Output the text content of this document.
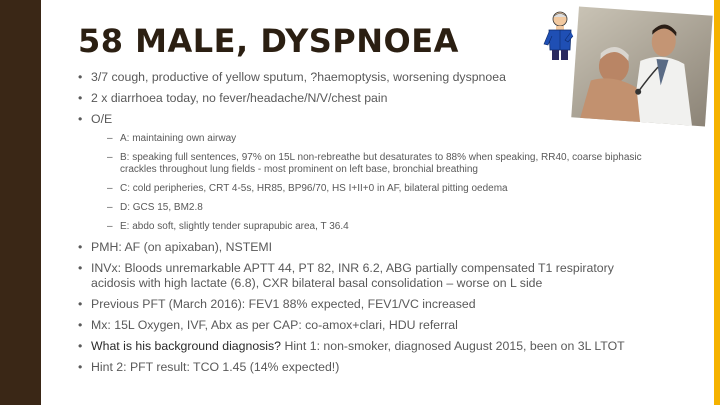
58 MALE, DYSPNOEA
• 3/7 cough, productive of yellow sputum, ?haemoptysis, worsening dyspnoea
• 2 x diarrhoea today, no fever/headache/N/V/chest pain
• O/E
– A: maintaining own airway
– B: speaking full sentences, 97% on 15L non-rebreathe but desaturates to 88% when speaking, RR40, coarse biphasic crackles throughout lung fields - most prominent on left base, bronchial breathing
– C: cold peripheries, CRT 4-5s, HR85, BP96/70, HS I+II+0 in AF, bilateral pitting oedema
– D: GCS 15, BM2.8
– E: abdo soft, slightly tender suprapubic area, T 36.4
• PMH: AF (on apixaban), NSTEMI
• INVx: Bloods unremarkable APTT 44, PT 82, INR 6.2, ABG partially compensated T1 respiratory acidosis with high lactate (6.8), CXR bilateral basal consolidation – worse on L side
• Previous PFT (March 2016): FEV1 88% expected, FEV1/VC increased
• Mx: 15L Oxygen, IVF, Abx as per CAP: co-amox+clari, HDU referral
• What is his background diagnosis? Hint 1: non-smoker, diagnosed August 2015, been on 3L LTOT
• Hint 2: PFT result: TCO 1.45 (14% expected!)
